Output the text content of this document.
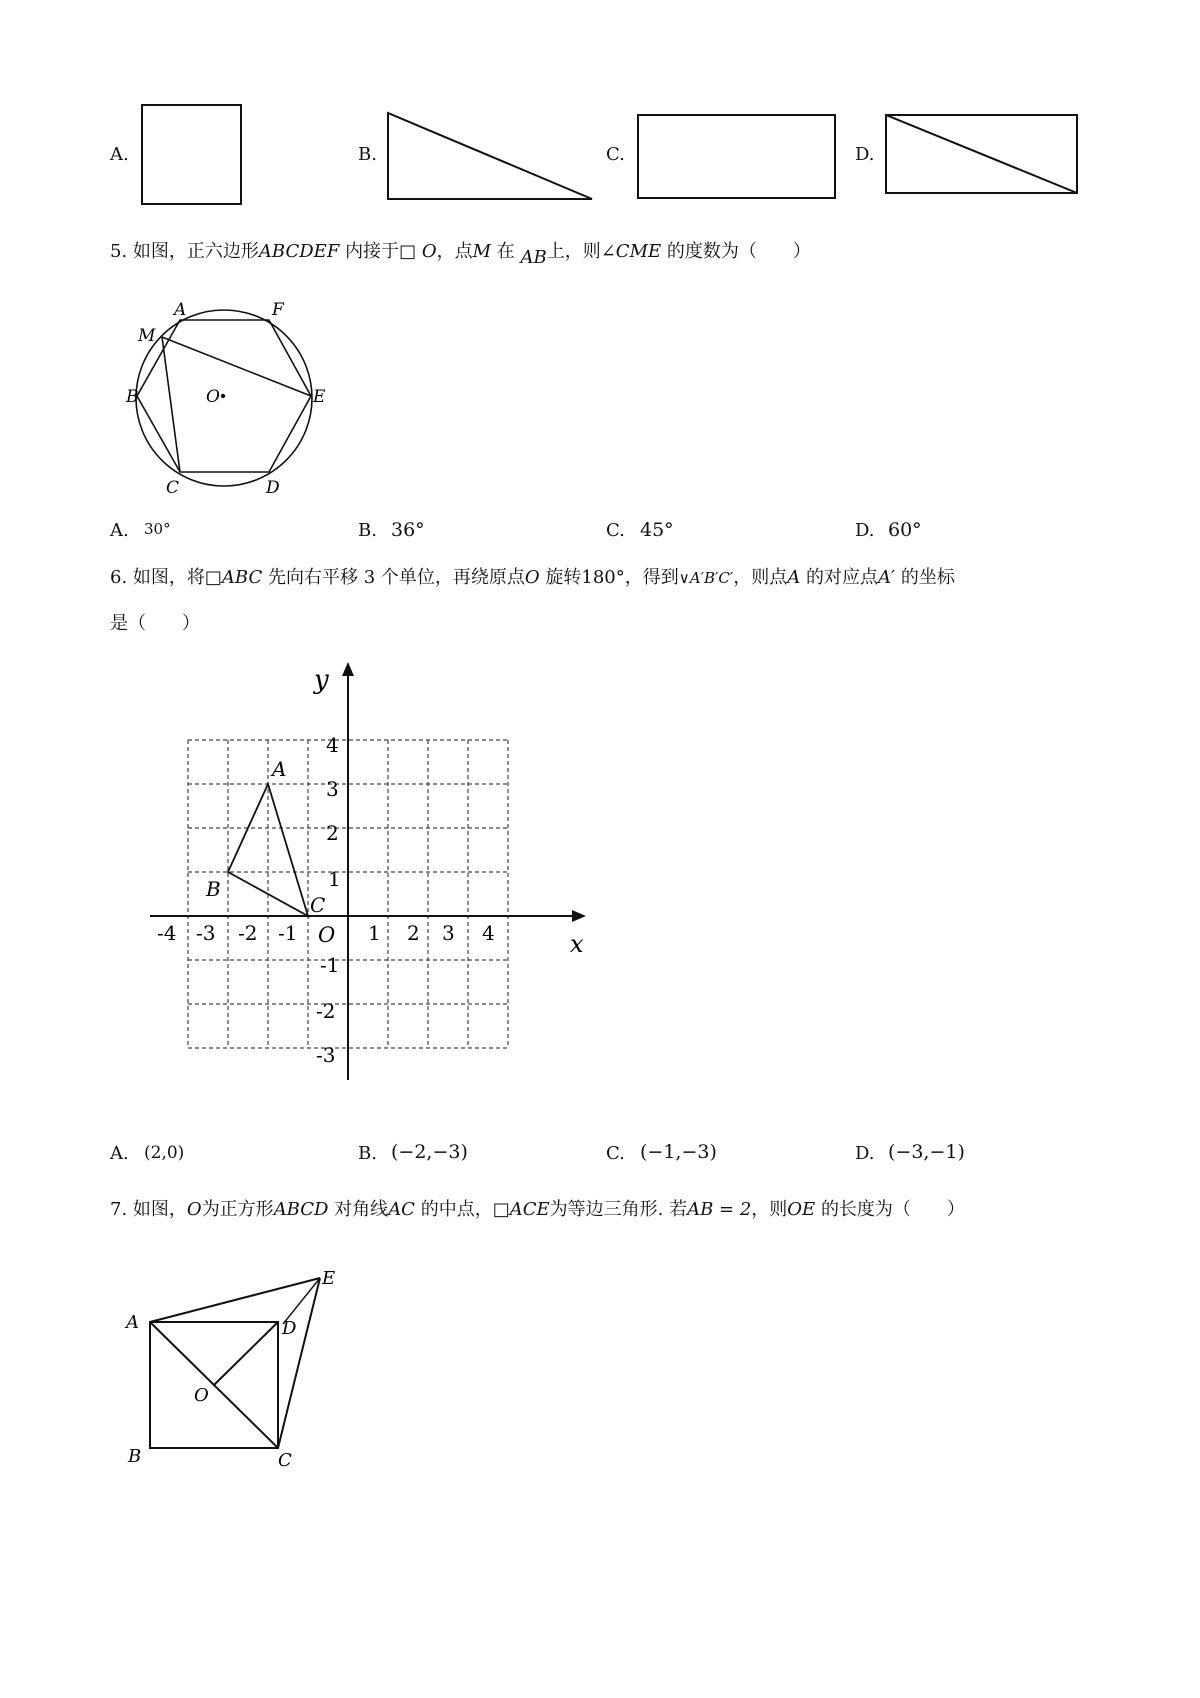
A.	B.	C.	D.
5. 如图，正六边形ABCDEF 内接于□ O，点M 在 AB上，则∠CME 的度数为（　　）
A	F
M
B	O	E
C	D
A. 30°	B. 36°	C. 45°	D. 60°
6. 如图，将□ABC 先向右平移 3 个单位，再绕原点O 旋转180°，得到∨A′B′C′，则点A 的对应点A′ 的坐标
是（　　）
x
y
O
-4 -3 -2 -1	1 2 3 4
4
3
2
1
-1
-2
-3
A
B
C
A. (2,0)	B. (−2,−3)	C. (−1,−3)	D. (−3,−1)
7. 如图，O为正方形ABCD 对角线AC 的中点，□ACE为等边三角形. 若AB = 2，则OE 的长度为（　　）
A	D
E
O
B	C
